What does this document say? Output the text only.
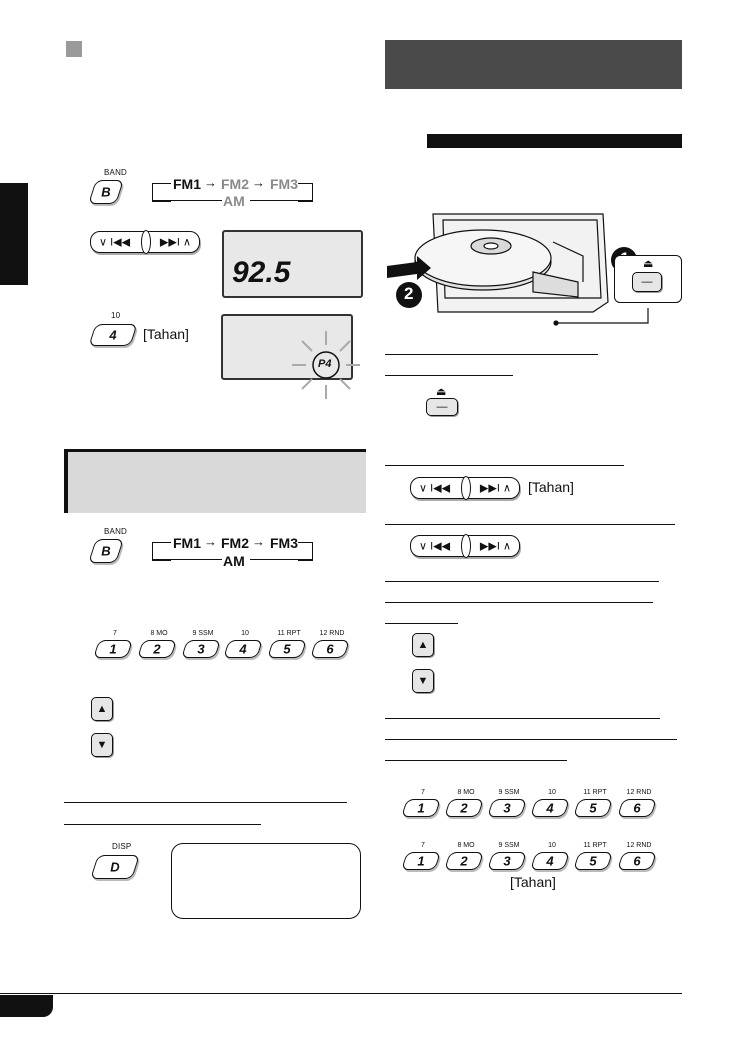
BAND
B	FM1 → FM2 → FM3
AM
∨ I◀◀	▶▶I ∧
92.5
10
4	[Tahan]
P4
BAND
B	FM1 → FM2 → FM3
AM
7
1
8 MO
2
9 SSM
3
10
4
11 RPT
5
12 RND
6
▲
▼
DISP
D
2
⏏
—
⏏
—
∨ I◀◀	▶▶I ∧ [Tahan]
∨ I◀◀	▶▶I ∧
▲
▼
7
1
8 MO
2
9 SSM
3
10
4
11 RPT
5
12 RND
6
7
1
8 MO
2
9 SSM
3
10
4
11 RPT
5
12 RND
6
[Tahan]
